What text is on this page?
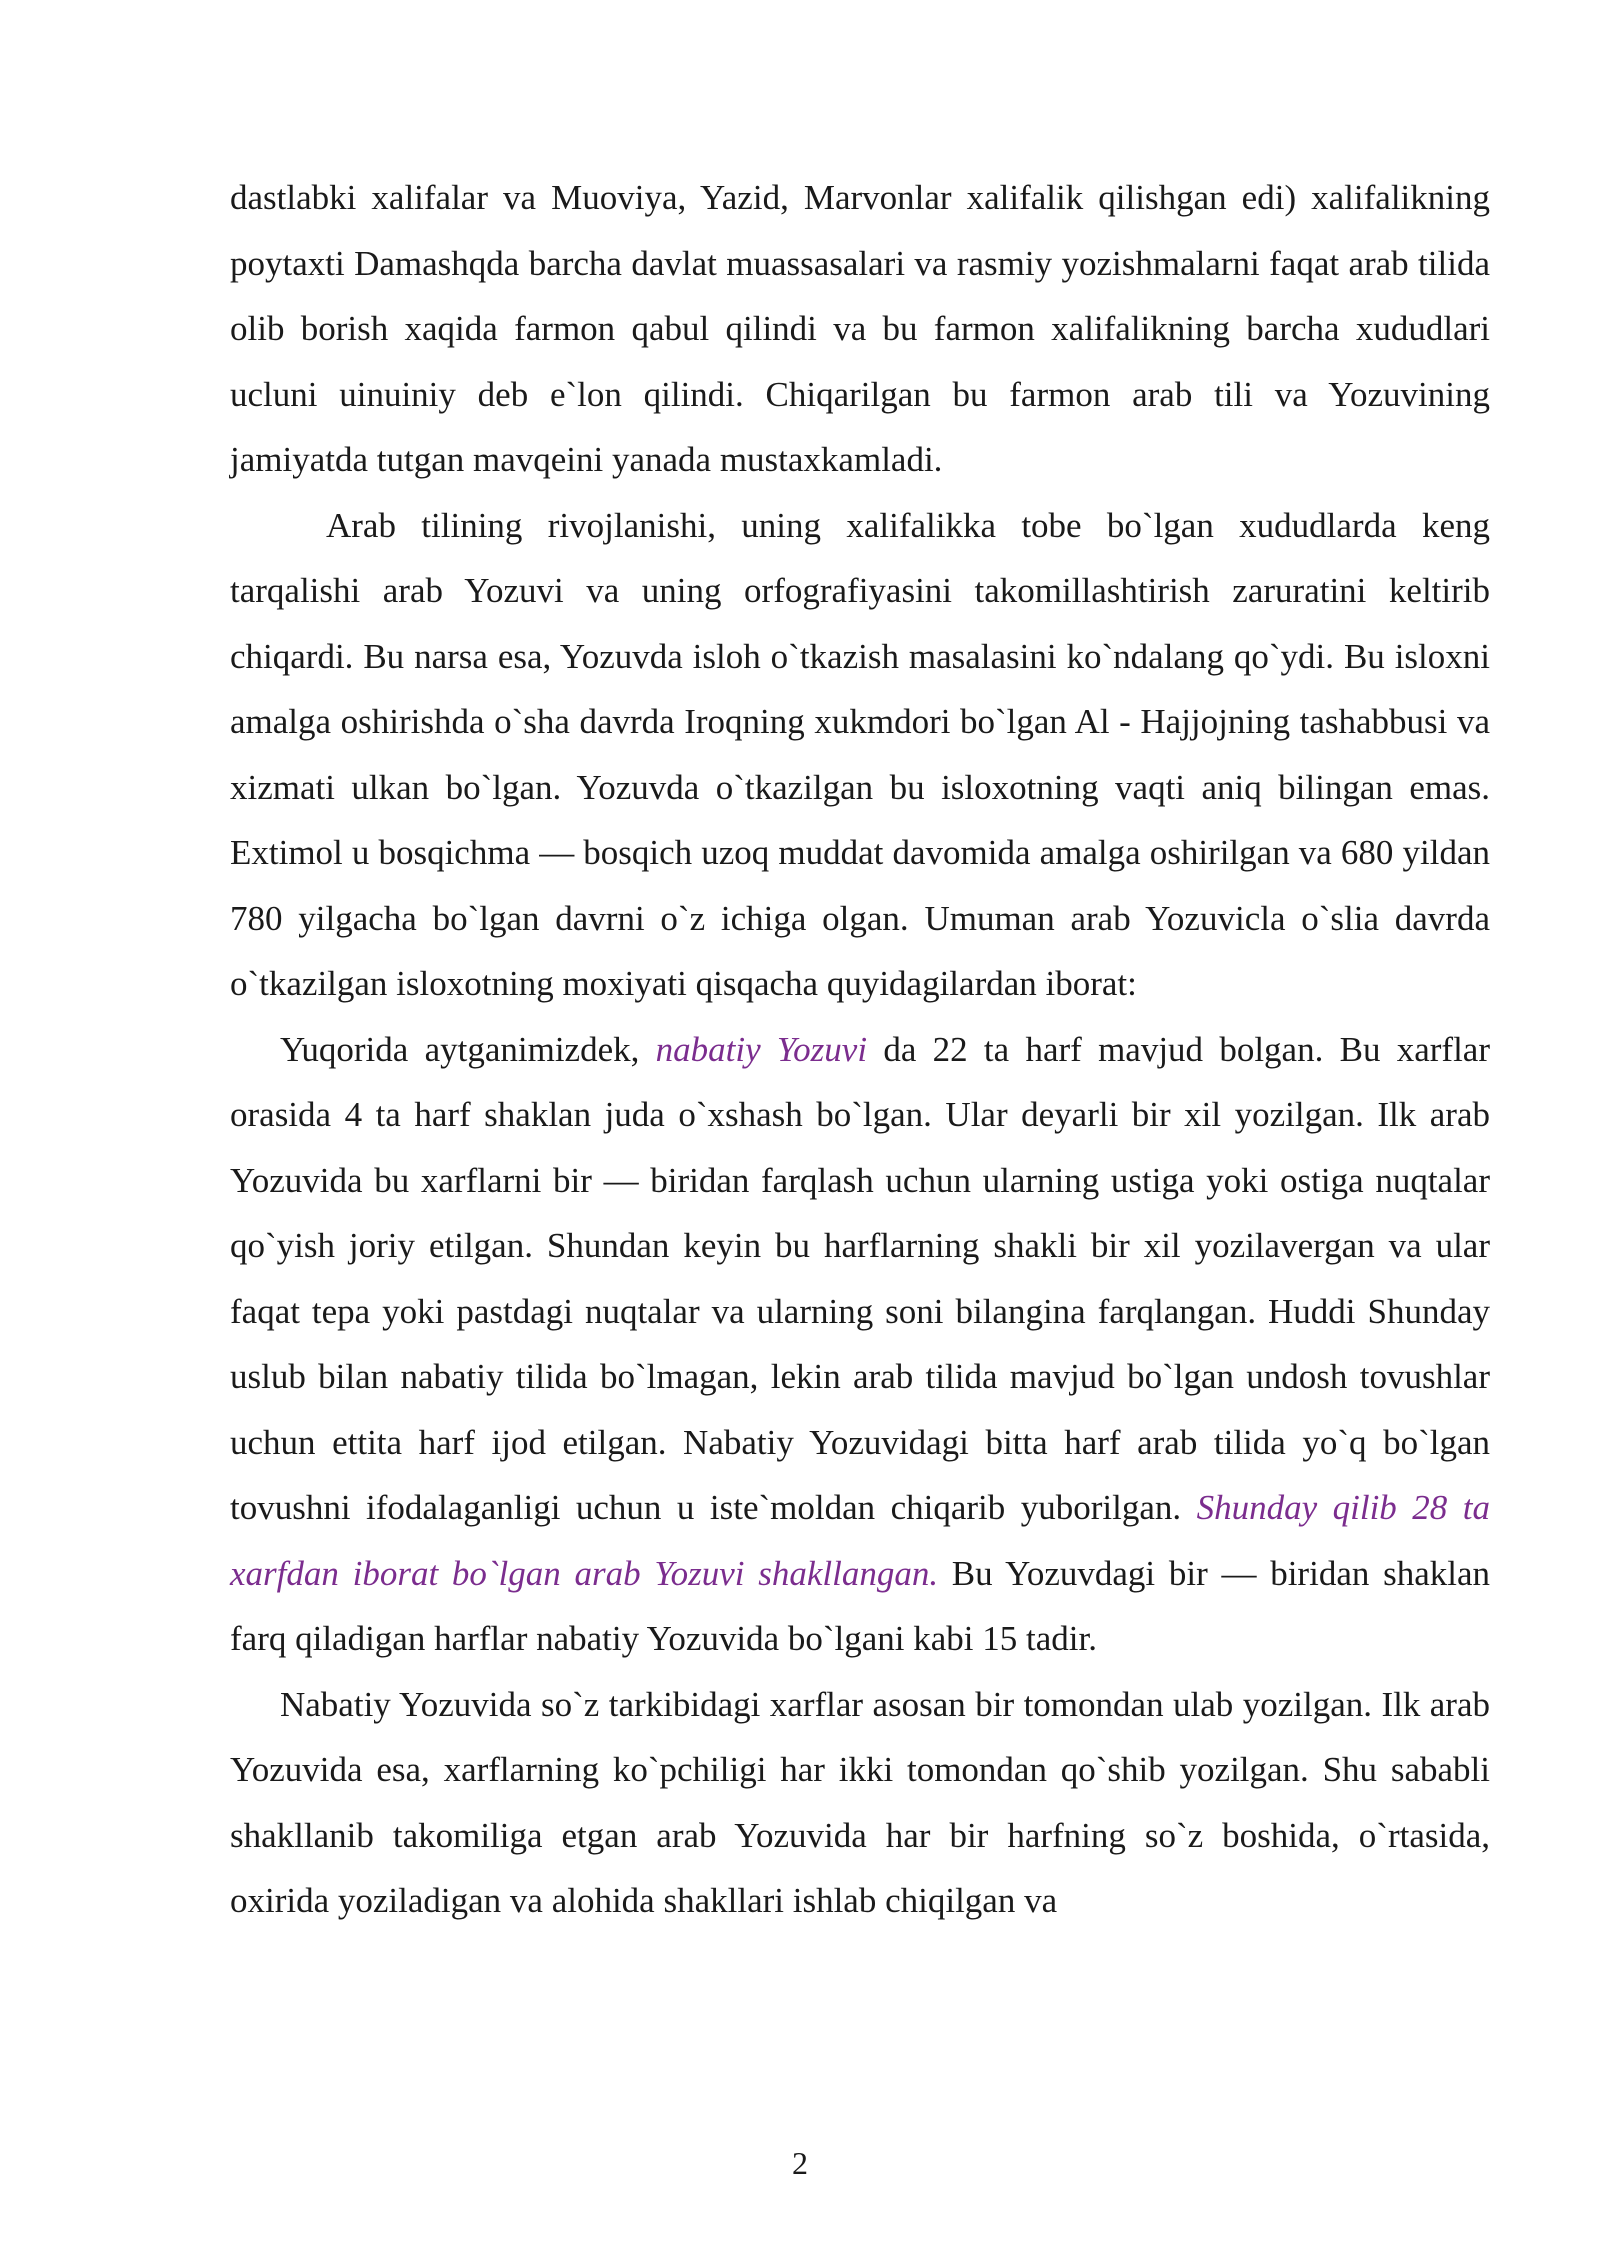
dastlabki xalifalar va Muoviya, Yazid, Marvonlar xalifalik qilishgan edi) xalifalikning poytaxti Damashqda barcha davlat muassasalari va rasmiy yozishmalarni faqat arab tilida olib borish xaqida farmon qabul qilindi va bu farmon xalifalikning barcha xududlari ucluni uinuiniy deb e`lon qilindi. Chiqarilgan bu farmon arab tili va Yozuvining jamiyatda tutgan mavqeini yanada mustaxkamladi.

Arab tilining rivojlanishi, uning xalifalikka tobe bo`lgan xududlarda keng tarqalishi arab Yozuvi va uning orfografiyasini takomillashtirish zaruratini keltirib chiqardi. Bu narsa esa, Yozuvda isloh o`tkazish masalasini ko`ndalang qo`ydi. Bu isloxni amalga oshirishda o`sha davrda Iroqning xukmdori bo`lgan Al - Hajjojning tashabbusi va xizmati ulkan bo`lgan. Yozuvda o`tkazilgan bu isloxotning vaqti aniq bilingan emas. Extimol u bosqichma — bosqich uzoq muddat davomida amalga oshirilgan va 680 yildan 780 yilgacha bo`lgan davrni o`z ichiga olgan. Umuman arab Yozuvicla o`slia davrda o`tkazilgan isloxotning moxiyati qisqacha quyidagilardan iborat:

Yuqorida aytganimizdek, nabatiy Yozuvi da 22 ta harf mavjud bolgan. Bu xarflar orasida 4 ta harf shaklan juda o`xshash bo`lgan. Ular deyarli bir xil yozilgan. Ilk arab Yozuvida bu xarflarni bir — biridan farqlash uchun ularning ustiga yoki ostiga nuqtalar qo`yish joriy etilgan. Shundan keyin bu harflarning shakli bir xil yozilavergan va ular faqat tepa yoki pastdagi nuqtalar va ularning soni bilangina farqlangan. Huddi Shunday uslub bilan nabatiy tilida bo`lmagan, lekin arab tilida mavjud bo`lgan undosh tovushlar uchun ettita harf ijod etilgan. Nabatiy Yozuvidagi bitta harf arab tilida yo`q bo`lgan tovushni ifodalaganligi uchun u iste`moldan chiqarib yuborilgan. Shunday qilib 28 ta xarfdan iborat bo`lgan arab Yozuvi shakllangan. Bu Yozuvdagi bir — biridan shaklan farq qiladigan harflar nabatiy Yozuvida bo`lgani kabi 15 tadir.

Nabatiy Yozuvida so`z tarkibidagi xarflar asosan bir tomondan ulab yozilgan. Ilk arab Yozuvida esa, xarflarning ko`pchiligi har ikki tomondan qo`shib yozilgan. Shu sababli shakllanib takomiliga etgan arab Yozuvida har bir harfning so`z boshida, o`rtasida, oxirida yoziladigan va alohida shakllari ishlab chiqilgan va

2
